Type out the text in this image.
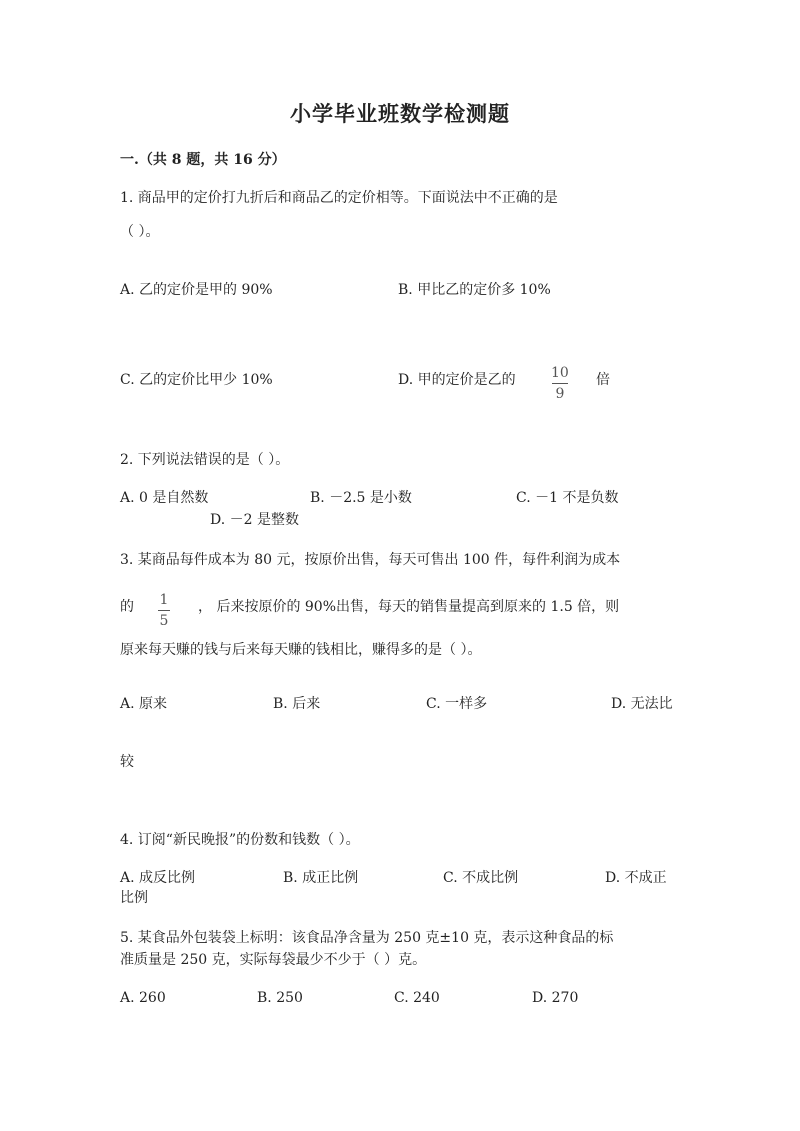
小学毕业班数学检测题
一.（共 8 题，共 16 分）
1. 商品甲的定价打九折后和商品乙的定价相等。下面说法中不正确的是
（ ）。
A. 乙的定价是甲的 90%	B. 甲比乙的定价多 10%
C. 乙的定价比甲少 10%	D. 甲的定价是乙的	10
9
倍
2. 下列说法错误的是（ ）。
A. 0 是自然数	B. －2.5 是小数	C. －1 不是负数
D. －2 是整数
3. 某商品每件成本为 80 元，按原价出售，每天可售出 100 件，每件利润为成本
的 1
5
， 后来按原价的 90%出售，每天的销售量提高到原来的 1.5 倍，则
原来每天赚的钱与后来每天赚的钱相比，赚得多的是（ ）。
A. 原来	B. 后来	C. 一样多	D. 无法比
较
4. 订阅“新民晚报”的份数和钱数（ ）。
A. 成反比例	B. 成正比例	C. 不成比例	D. 不成正
比例
5. 某食品外包装袋上标明：该食品净含量为 250 克±10 克，表示这种食品的标
准质量是 250 克，实际每袋最少不少于（ ）克。
A. 260	B. 250	C. 240	D. 270
